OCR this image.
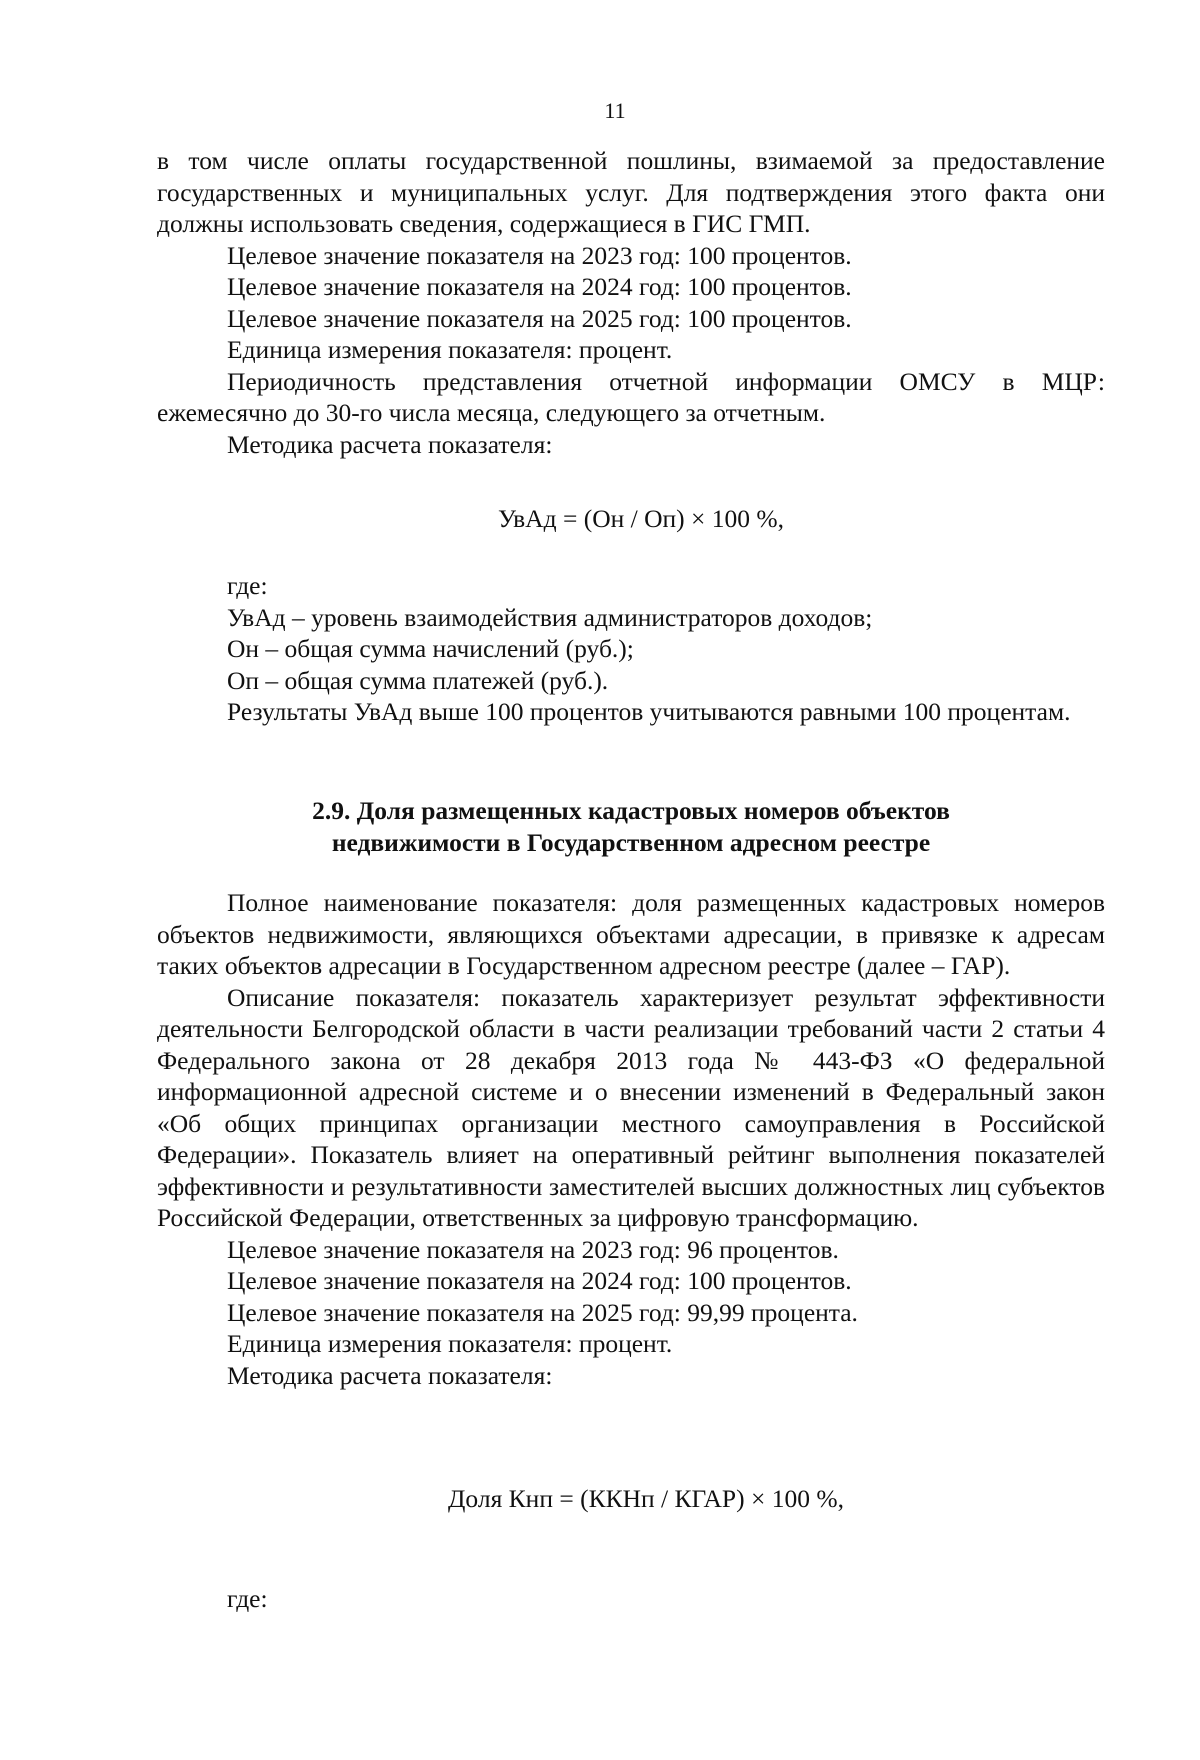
11

в том числе оплаты государственной пошлины, взимаемой за предоставление государственных и муниципальных услуг. Для подтверждения этого факта они должны использовать сведения, содержащиеся в ГИС ГМП.

Целевое значение показателя на 2023 год: 100 процентов.

Целевое значение показателя на 2024 год: 100 процентов.

Целевое значение показателя на 2025 год: 100 процентов.

Единица измерения показателя: процент.

Периодичность представления отчетной информации ОМСУ в МЦР: ежемесячно до 30-го числа месяца, следующего за отчетным.

Методика расчета показателя:

УвАд = (Он / Оп) × 100 %,

где:

УвАд – уровень взаимодействия администраторов доходов;

Он – общая сумма начислений (руб.);

Оп – общая сумма платежей (руб.).

Результаты УвАд выше 100 процентов учитываются равными 100 процентам.

2.9. Доля размещенных кадастровых номеров объектов
недвижимости в Государственном адресном реестре

Полное наименование показателя: доля размещенных кадастровых номеров объектов недвижимости, являющихся объектами адресации, в привязке к адресам таких объектов адресации в Государственном адресном реестре (далее – ГАР).

Описание показателя: показатель характеризует результат эффективности деятельности Белгородской области в части реализации требований части 2 статьи 4 Федерального закона от 28 декабря 2013 года № 443-ФЗ «О федеральной информационной адресной системе и о внесении изменений в Федеральный закон «Об общих принципах организации местного самоуправления в Российской Федерации». Показатель влияет на оперативный рейтинг выполнения показателей эффективности и результативности заместителей высших должностных лиц субъектов Российской Федерации, ответственных за цифровую трансформацию.

Целевое значение показателя на 2023 год: 96 процентов.

Целевое значение показателя на 2024 год: 100 процентов.

Целевое значение показателя на 2025 год: 99,99 процента.

Единица измерения показателя: процент.

Методика расчета показателя:

Доля Кнп = (ККНп / КГАР) × 100 %,

где:
